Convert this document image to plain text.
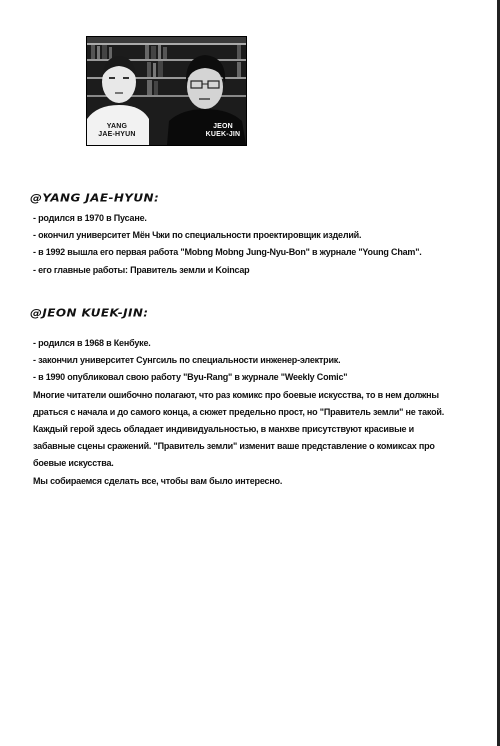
YANG
JAE-HYUN
JEON
KUEK-JIN
@YANG JAE-HYUN:
- родился в 1970 в Пусане.
- окончил университет Мён Чжи по специальности проектировщик изделий.
- в 1992 вышла его первая работа "Mobng Mobng Jung-Nyu-Bon" в журнале "Young Cham".
- его главные работы: Правитель земли и Koincap
@JEON KUEK-JIN:
- родился в 1968 в Кенбуке.
- закончил университет Сунгсиль по специальности инженер-электрик.
- в 1990 опубликовал свою работу "Byu-Rang" в журнале "Weekly Comic"
Многие читатели ошибочно полагают, что раз комикс про боевые искусства, то в нем должны
драться с начала и до самого конца, а сюжет предельно прост, но "Правитель земли" не такой.
Каждый герой здесь обладает индивидуальностью, в манхве присутствуют красивые и
забавные сцены сражений. "Правитель земли" изменит ваше представление о комиксах про
боевые искусства.
Мы собираемся сделать все, чтобы вам было интересно.
